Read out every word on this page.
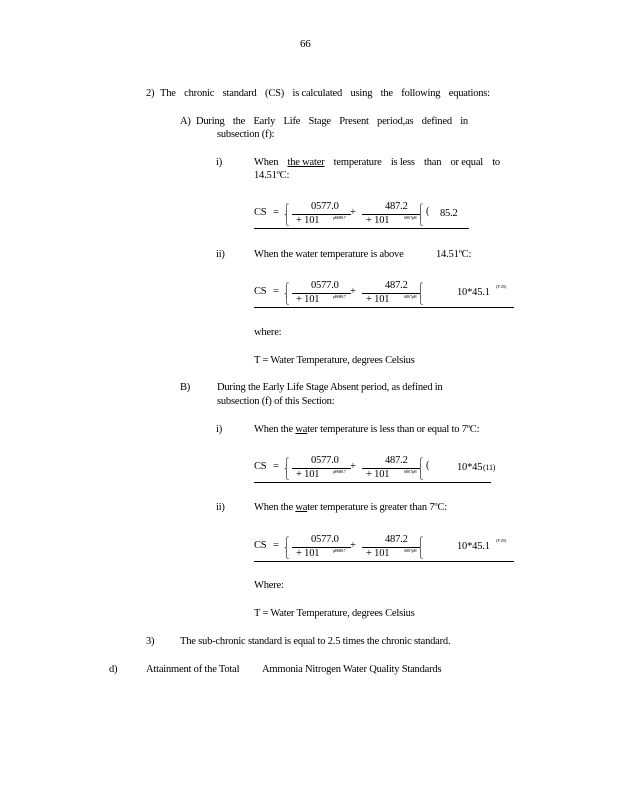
66
2) The chronic standard (CS) is calculated using the following equations:
A) During the Early Life Stage Present period,as defined in
subsection (f):
i)	When the water temperature is less than or equal to
14.51ºC:
CS = ⎧
⎨
⎩
0577.0
+ 101	pH688.7 +
487.2
+ 101	688.7pH
⎧
⎨
⎩
( 85.2
ii)	When the water temperature is above	14.51ºC:
CS = ⎧
⎨
⎩
0577.0
+ 101	pH688.7 +
487.2
+ 101	688.7pH
⎧
⎨
⎩
10*45.1
(T-25)
where:
T = Water Temperature, degrees Celsius
B)	During the Early Life Stage Absent period, as defined in
subsection (f) of this Section:
i)	When the water temperature is less than or equal to 7ºC:
CS = ⎧
⎨
⎩
0577.0
+ 101	pH688.7 +
487.2
+ 101	688.7pH
⎧
⎨
⎩
(	10*45 (11)
ii)	When the water temperature is greater than 7ºC:
CS = ⎧
⎨
⎩
0577.0
+ 101	pH688.7 +
487.2
+ 101	688.7pH
⎧
⎨
⎩
10*45.1
(T-25)
Where:
T = Water Temperature, degrees Celsius
3) The sub-chronic standard is equal to 2.5 times the chronic standard.
d)	Attainment of the Total Ammonia Nitrogen Water Quality Standards
